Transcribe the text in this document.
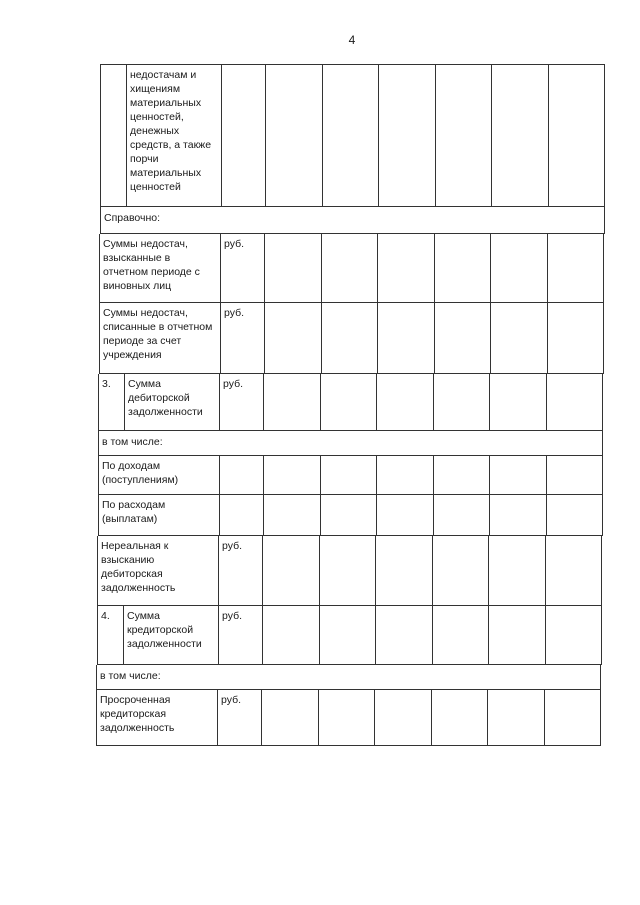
4
недостачам и хищениям материальных ценностей, денежных средств, а также порчи материальных ценностей
Справочно:
Суммы недостач, взысканные в отчетном периоде с виновных лиц
руб.
Суммы недостач, списанные в отчетном периоде за счет учреждения
руб.
3.	Сумма дебиторской задолженности
руб.
в том числе:
По доходам (поступлениям)
По расходам (выплатам)
Нереальная к взысканию дебиторская задолженность
руб.
4.	Сумма кредиторской задолженности
руб.
в том числе:
Просроченная кредиторская задолженность
руб.
